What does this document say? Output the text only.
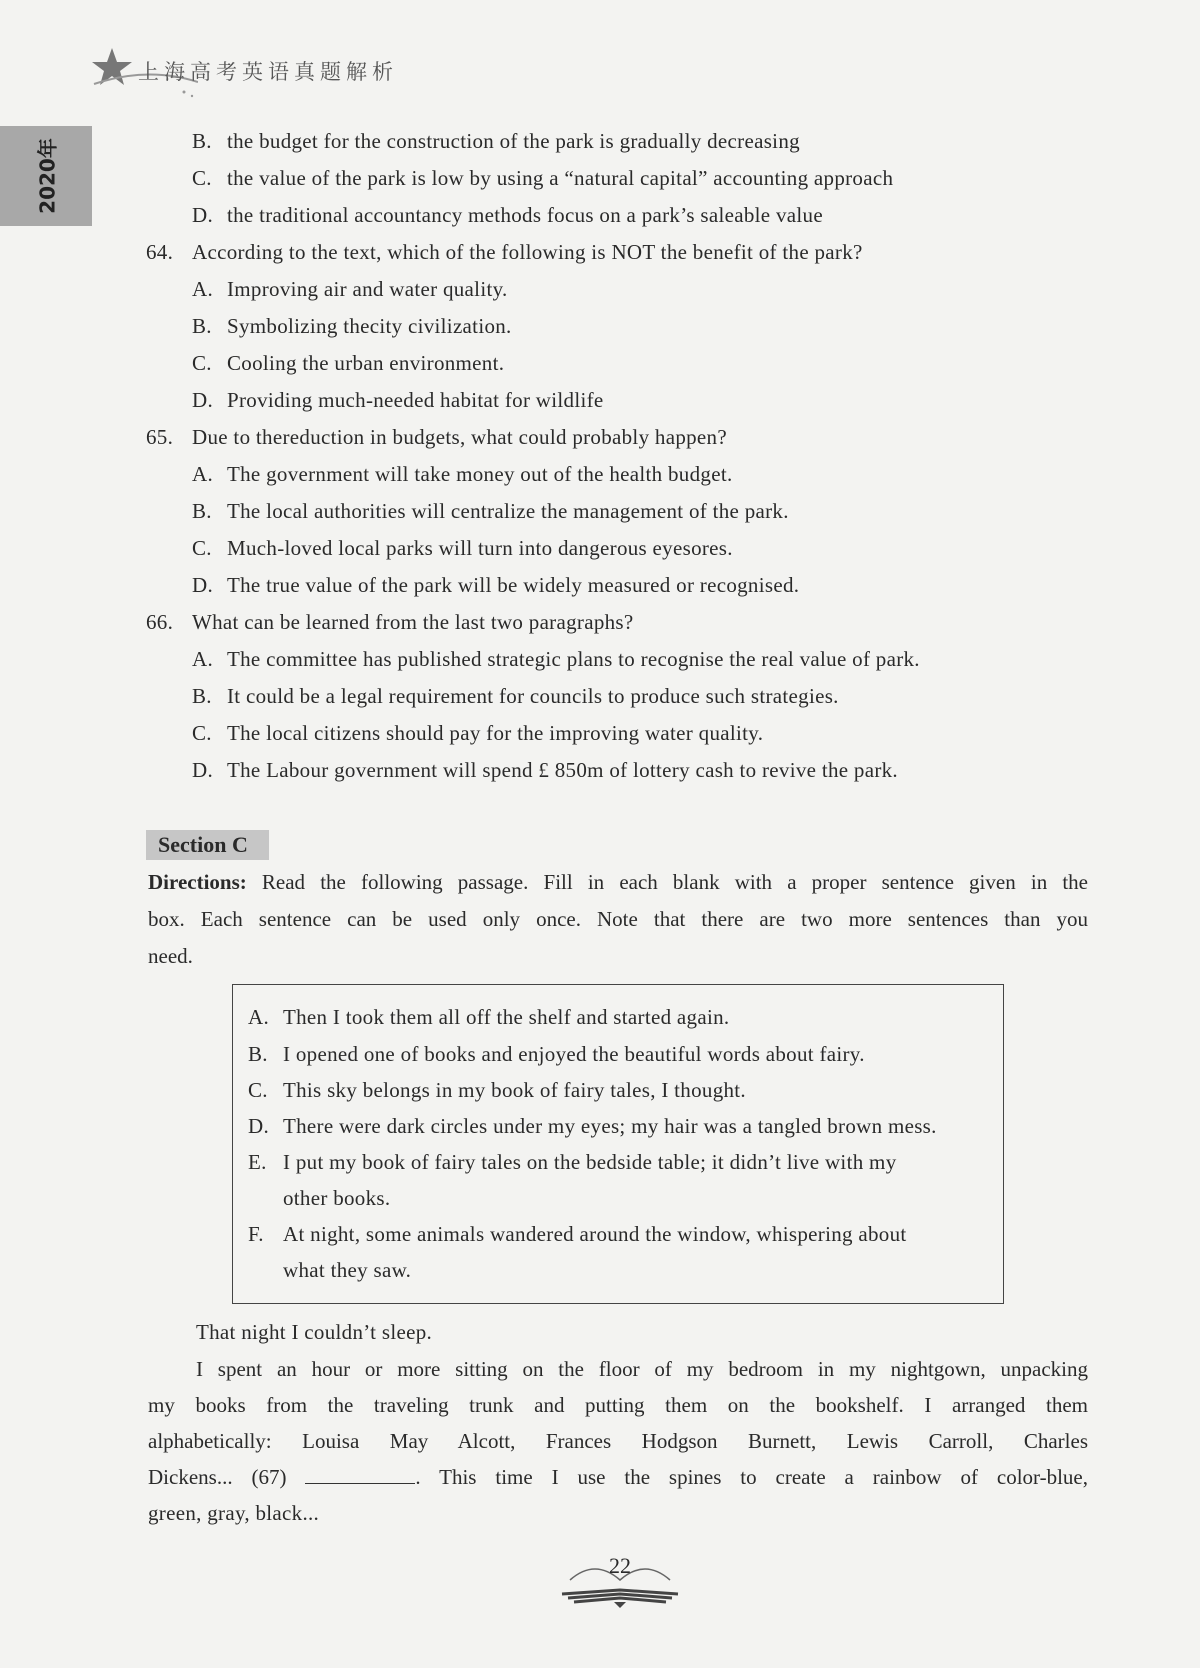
上海高考英语真题解析
2020年	B. the budget for the construction of the park is gradually decreasing
C. the value of the park is low by using a “natural capital” accounting approach
D. the traditional accountancy methods focus on a park’s saleable value
64. According to the text, which of the following is NOT the benefit of the park?
A. Improving air and water quality.
B. Symbolizing thecity civilization.
C. Cooling the urban environment.
D. Providing much-needed habitat for wildlife
65. Due to thereduction in budgets, what could probably happen?
A. The government will take money out of the health budget.
B. The local authorities will centralize the management of the park.
C. Much-loved local parks will turn into dangerous eyesores.
D. The true value of the park will be widely measured or recognised.
66. What can be learned from the last two paragraphs?
A. The committee has published strategic plans to recognise the real value of park.
B. It could be a legal requirement for councils to produce such strategies.
C. The local citizens should pay for the improving water quality.
D. The Labour government will spend £ 850m of lottery cash to revive the park.
Section C
Directions: Read the following passage. Fill in each blank with a proper sentence given in the
box. Each sentence can be used only once. Note that there are two more sentences than you
need.
A. Then I took them all off the shelf and started again.
B. I opened one of books and enjoyed the beautiful words about fairy.
C. This sky belongs in my book of fairy tales, I thought.
D. There were dark circles under my eyes; my hair was a tangled brown mess.
E. I put my book of fairy tales on the bedside table; it didn’t live with my
other books.
F. At night, some animals wandered around the window, whispering about
what they saw.
That night I couldn’t sleep.
I spent an hour or more sitting on the floor of my bedroom in my nightgown, unpacking
my books from the traveling trunk and putting them on the bookshelf. I arranged them
alphabetically: Louisa May Alcott, Frances Hodgson Burnett, Lewis Carroll, Charles
Dickens... (67)	. This time I use the spines to create a rainbow of color-blue,
green, gray, black...
22
